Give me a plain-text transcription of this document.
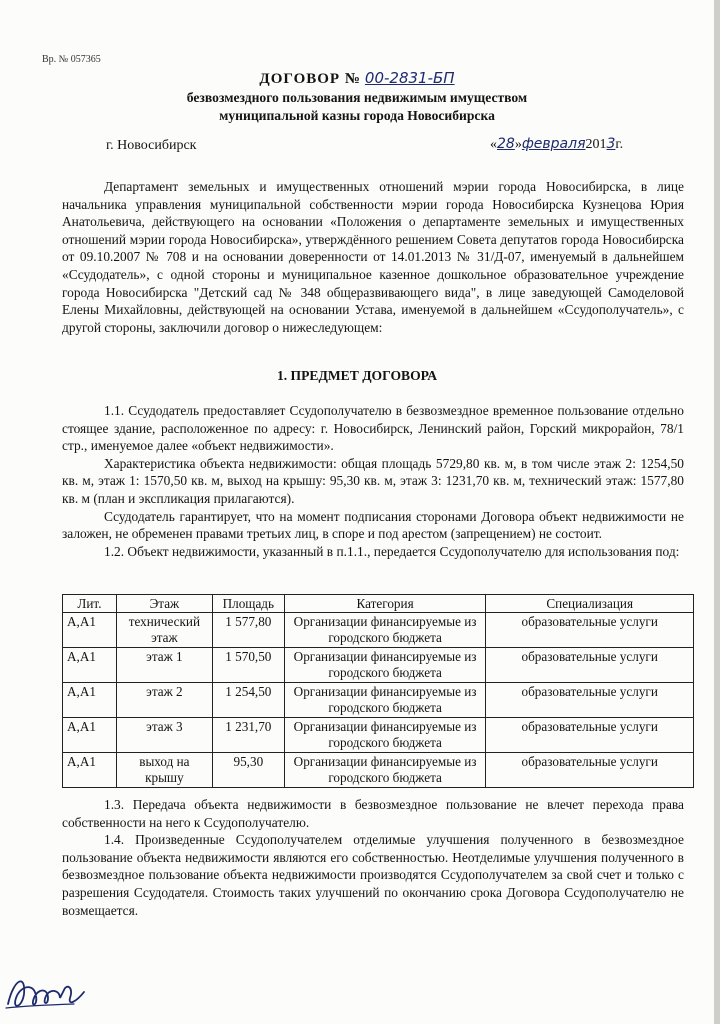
Вр. № 057365
ДОГОВОР № 00-2831-БП
безвозмездного пользования недвижимым имуществом
муниципальной казны города Новосибирска
г. Новосибирск	«28»февраля2013г.

Департамент земельных и имущественных отношений мэрии города Новосибирска, в лице начальника управления муниципальной собственности мэрии города Новосибирска Кузнецова Юрия Анатольевича, действующего на основании «Положения о департаменте земельных и имущественных отношений мэрии города Новосибирска», утверждённого решением Совета депутатов города Новосибирска от 09.10.2007 № 708 и на основании доверенности от 14.01.2013 № 31/Д-07, именуемый в дальнейшем «Ссудодатель», с одной стороны и муниципальное казенное дошкольное образовательное учреждение города Новосибирска "Детский сад № 348 общеразвивающего вида", в лице заведующей Самоделовой Елены Михайловны, действующей на основании Устава, именуемой в дальнейшем «Ссудополучатель», с другой стороны, заключили договор о нижеследующем:

1. ПРЕДМЕТ ДОГОВОРА

1.1. Ссудодатель предоставляет Ссудополучателю в безвозмездное временное пользование отдельно стоящее здание, расположенное по адресу: г. Новосибирск, Ленинский район, Горский микрорайон, 78/1 стр., именуемое далее «объект недвижимости».

Характеристика объекта недвижимости: общая площадь 5729,80 кв. м, в том числе этаж 2: 1254,50 кв. м, этаж 1: 1570,50 кв. м, выход на крышу: 95,30 кв. м, этаж 3: 1231,70 кв. м, технический этаж: 1577,80 кв. м (план и экспликация прилагаются).

Ссудодатель гарантирует, что на момент подписания сторонами Договора объект недвижимости не заложен, не обременен правами третьих лиц, в споре и под арестом (запрещением) не состоит.

1.2. Объект недвижимости, указанный в п.1.1., передается Ссудополучателю для использования под:

Лит.	Этаж	Площадь	Категория	Специализация
А,А1	технический этаж	1 577,80	Организации финансируемые из городского бюджета	образовательные услуги
А,А1	этаж 1	1 570,50	Организации финансируемые из городского бюджета	образовательные услуги
А,А1	этаж 2	1 254,50	Организации финансируемые из городского бюджета	образовательные услуги
А,А1	этаж 3	1 231,70	Организации финансируемые из городского бюджета	образовательные услуги
А,А1	выход на крышу	95,30	Организации финансируемые из городского бюджета	образовательные услуги

1.3. Передача объекта недвижимости в безвозмездное пользование не влечет перехода права собственности на него к Ссудополучателю.

1.4. Произведенные Ссудополучателем отделимые улучшения полученного в безвозмездное пользование объекта недвижимости являются его собственностью. Неотделимые улучшения полученного в безвозмездное пользование объекта недвижимости производятся Ссудополучателем за свой счет и только с разрешения Ссудодателя. Стоимость таких улучшений по окончанию срока Договора Ссудополучателю не возмещается.
